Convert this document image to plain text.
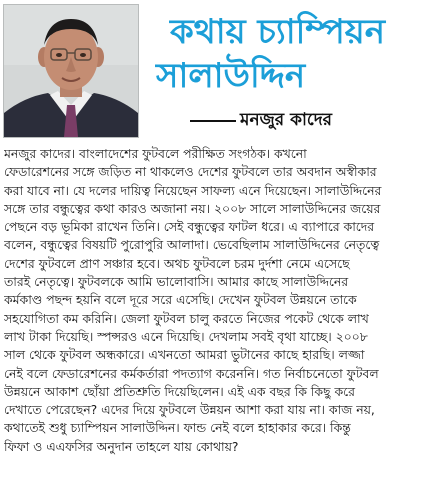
কথায় চ্যাম্পিয়ন
সালাউদ্দিন
মনজুর কাদের
মনজুর কাদের। বাংলাদেশের ফুটবলে পরীক্ষিত সংগঠক। কখনো
ফেডারেশনের সঙ্গে জড়িত না থাকলেও দেশের ফুটবলে তার অবদান অস্বীকার
করা যাবে না। যে দলের দায়িত্ব নিয়েছেন সাফল্য এনে দিয়েছেন। সালাউদ্দিনের
সঙ্গে তার বন্ধুত্বের কথা কারও অজানা নয়। ২০০৮ সালে সালাউদ্দিনের জয়ের
পেছনে বড় ভূমিকা রাখেন তিনি। সেই বন্ধুত্বের ফাটল ধরে। এ ব্যাপারে কাদের
বলেন, বন্ধুত্বের বিষয়টি পুরোপুরি আলাদা। ভেবেছিলাম সালাউদ্দিনের নেতৃত্বে
দেশের ফুটবলে প্রাণ সঞ্চার হবে। অথচ ফুটবলে চরম দুর্দশা নেমে এসেছে
তারই নেতৃত্বে। ফুটবলকে আমি ভালোবাসি। আমার কাছে সালাউদ্দিনের
কর্মকাণ্ড পছন্দ হয়নি বলে দূরে সরে এসেছি। দেখেন ফুটবল উন্নয়নে তাকে
সহযোগিতা কম করিনি। জেলা ফুটবল চালু করতে নিজের পকেট থেকে লাখ
লাখ টাকা দিয়েছি। স্পন্সরও এনে দিয়েছি। দেখলাম সবই বৃথা যাচ্ছে। ২০০৮
সাল থেকে ফুটবল অন্ধকারে। এখনতো আমরা ভুটানের কাছে হারছি। লজ্জা
নেই বলে ফেডারেশনের কর্মকর্তারা পদত্যাগ করেননি। গত নির্বাচনেতো ফুটবল
উন্নয়নে আকাশ ছোঁয়া প্রতিশ্রুতি দিয়েছিলেন। এই এক বছর কি কিছু করে
দেখাতে পেরেছেন? এদের দিয়ে ফুটবলে উন্নয়ন আশা করা যায় না। কাজ নয়,
কথাতেই শুধু চ্যাম্পিয়ন সালাউদ্দিন। ফান্ড নেই বলে হাহাকার করে। কিন্তু
ফিফা ও এএফসির অনুদান তাহলে যায় কোথায়?
